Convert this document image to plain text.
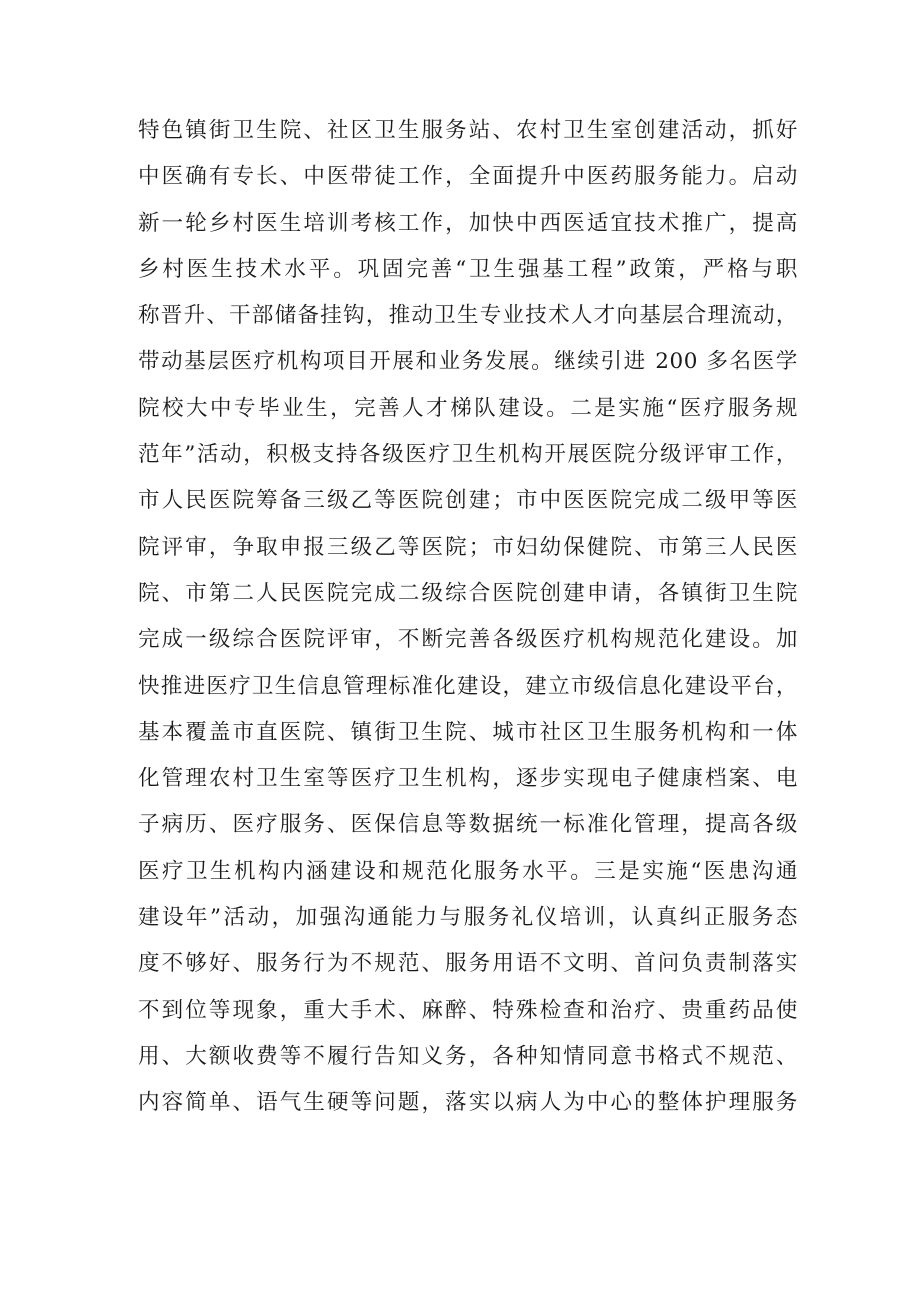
特色镇街卫生院、社区卫生服务站、农村卫生室创建活动，抓好
中医确有专长、中医带徒工作，全面提升中医药服务能力。启动
新一轮乡村医生培训考核工作，加快中西医适宜技术推广，提高
乡村医生技术水平。巩固完善“卫生强基工程”政策，严格与职
称晋升、干部储备挂钩，推动卫生专业技术人才向基层合理流动，
带动基层医疗机构项目开展和业务发展。继续引进 200 多名医学
院校大中专毕业生，完善人才梯队建设。二是实施“医疗服务规
范年”活动，积极支持各级医疗卫生机构开展医院分级评审工作，
市人民医院筹备三级乙等医院创建；市中医医院完成二级甲等医
院评审，争取申报三级乙等医院；市妇幼保健院、市第三人民医
院、市第二人民医院完成二级综合医院创建申请，各镇街卫生院
完成一级综合医院评审，不断完善各级医疗机构规范化建设。加
快推进医疗卫生信息管理标准化建设，建立市级信息化建设平台，
基本覆盖市直医院、镇街卫生院、城市社区卫生服务机构和一体
化管理农村卫生室等医疗卫生机构，逐步实现电子健康档案、电
子病历、医疗服务、医保信息等数据统一标准化管理，提高各级
医疗卫生机构内涵建设和规范化服务水平。三是实施“医患沟通
建设年”活动，加强沟通能力与服务礼仪培训，认真纠正服务态
度不够好、服务行为不规范、服务用语不文明、首问负责制落实
不到位等现象，重大手术、麻醉、特殊检查和治疗、贵重药品使
用、大额收费等不履行告知义务，各种知情同意书格式不规范、
内容简单、语气生硬等问题，落实以病人为中心的整体护理服务
